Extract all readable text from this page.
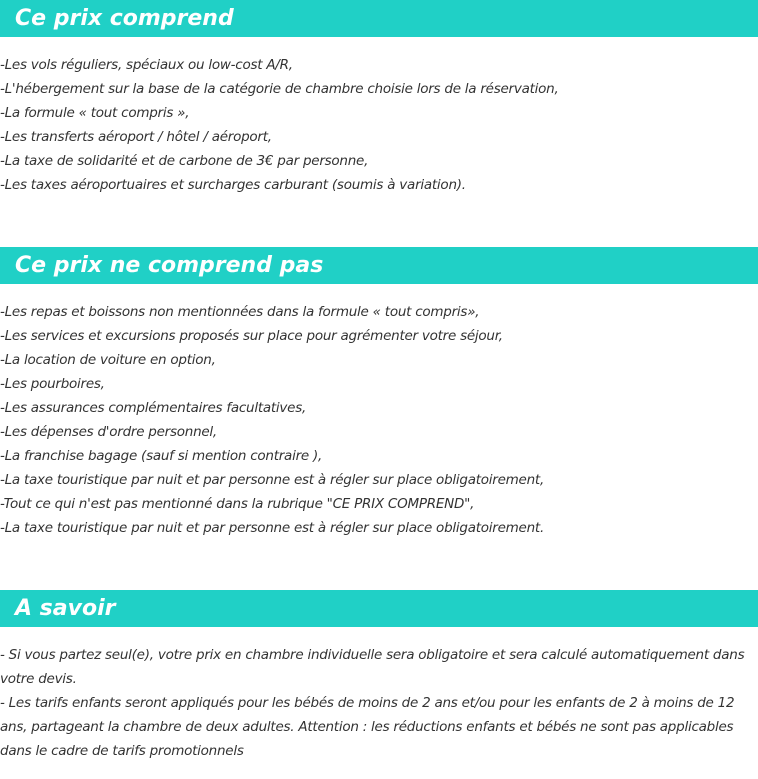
Ce prix comprend
-Les vols réguliers, spéciaux ou low-cost A/R,
-L'hébergement sur la base de la catégorie de chambre choisie lors de la réservation,
-La formule « tout compris »,
-Les transferts aéroport / hôtel / aéroport,
-La taxe de solidarité et de carbone de 3€ par personne,
-Les taxes aéroportuaires et surcharges carburant (soumis à variation).
Ce prix ne comprend pas
-Les repas et boissons non mentionnées dans la formule « tout compris»,
-Les services et excursions proposés sur place pour agrémenter votre séjour,
-La location de voiture en option,
-Les pourboires,
-Les assurances complémentaires facultatives,
-Les dépenses d'ordre personnel,
-La franchise bagage (sauf si mention contraire ),
-La taxe touristique par nuit et par personne est à régler sur place obligatoirement,
-Tout ce qui n'est pas mentionné dans la rubrique "CE PRIX COMPREND",
-La taxe touristique par nuit et par personne est à régler sur place obligatoirement.
A savoir

- Si vous partez seul(e), votre prix en chambre individuelle sera obligatoire et sera calculé automatiquement dans votre devis.

- Les tarifs enfants seront appliqués pour les bébés de moins de 2 ans et/ou pour les enfants de 2 à moins de 12 ans, partageant la chambre de deux adultes. Attention : les réductions enfants et bébés ne sont pas applicables dans le cadre de tarifs promotionnels
